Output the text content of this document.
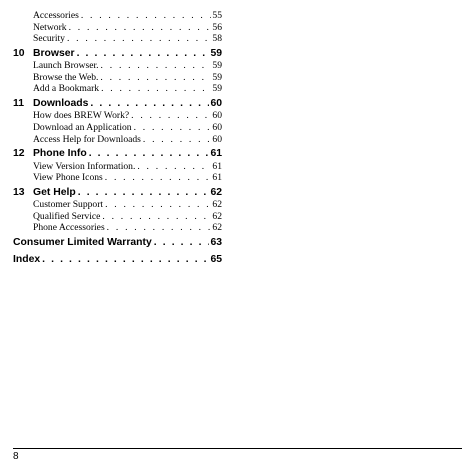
Accessories . . .	55
Network . . .	56
Security . . .	58
10 Browser . . .	59
Launch Browser. . . .	59
Browse the Web. . . .	59
Add a Bookmark . . .	59
11 Downloads . . .	60
How does BREW Work? . . .	60
Download an Application . . .	60
Access Help for Downloads . . .	60
12 Phone Info . . .	61
View Version Information. . . .	61
View Phone Icons . . .	61
13 Get Help . . .	62
Customer Support . . .	62
Qualified Service . . .	62
Phone Accessories . . .	62
Consumer Limited Warranty . . .	63
Index . . .	65
8
